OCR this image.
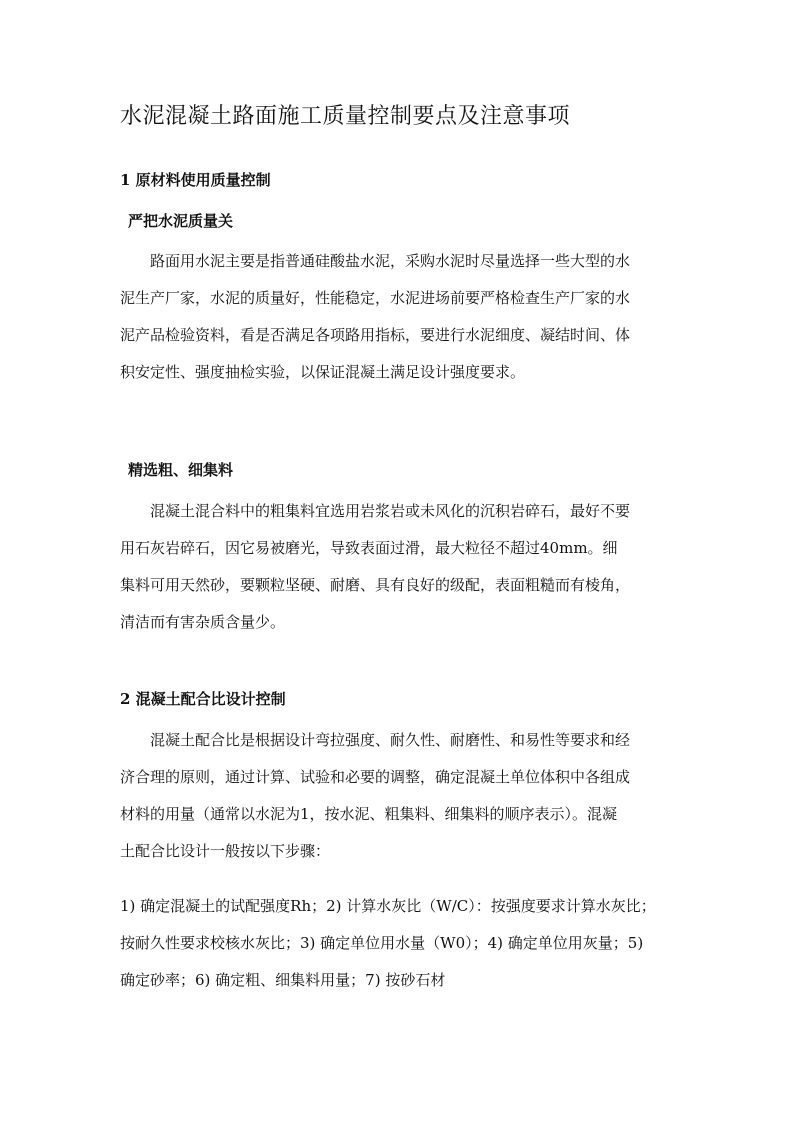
水泥混凝土路面施工质量控制要点及注意事项
1 原材料使用质量控制
严把水泥质量关

路面用水泥主要是指普通硅酸盐水泥，采购水泥时尽量选择一些大型的水泥生产厂家，水泥的质量好，性能稳定，水泥进场前要严格检查生产厂家的水泥产品检验资料，看是否满足各项路用指标，要进行水泥细度、凝结时间、体积安定性、强度抽检实验，以保证混凝土满足设计强度要求。

精选粗、细集料

混凝土混合料中的粗集料宜选用岩浆岩或未风化的沉积岩碎石，最好不要用石灰岩碎石，因它易被磨光，导致表面过滑，最大粒径不超过40mm。细集料可用天然砂，要颗粒坚硬、耐磨、具有良好的级配，表面粗糙而有棱角，清洁而有害杂质含量少。

2 混凝土配合比设计控制

混凝土配合比是根据设计弯拉强度、耐久性、耐磨性、和易性等要求和经济合理的原则，通过计算、试验和必要的调整，确定混凝土单位体积中各组成材料的用量（通常以水泥为1，按水泥、粗集料、细集料的顺序表示）。混凝土配合比设计一般按以下步骤：

1) 确定混凝土的试配强度Rh；2) 计算水灰比（W/C）：按强度要求计算水灰比；按耐久性要求校核水灰比；3) 确定单位用水量（W0）；4) 确定单位用灰量；5) 确定砂率；6) 确定粗、细集料用量；7) 按砂石材
